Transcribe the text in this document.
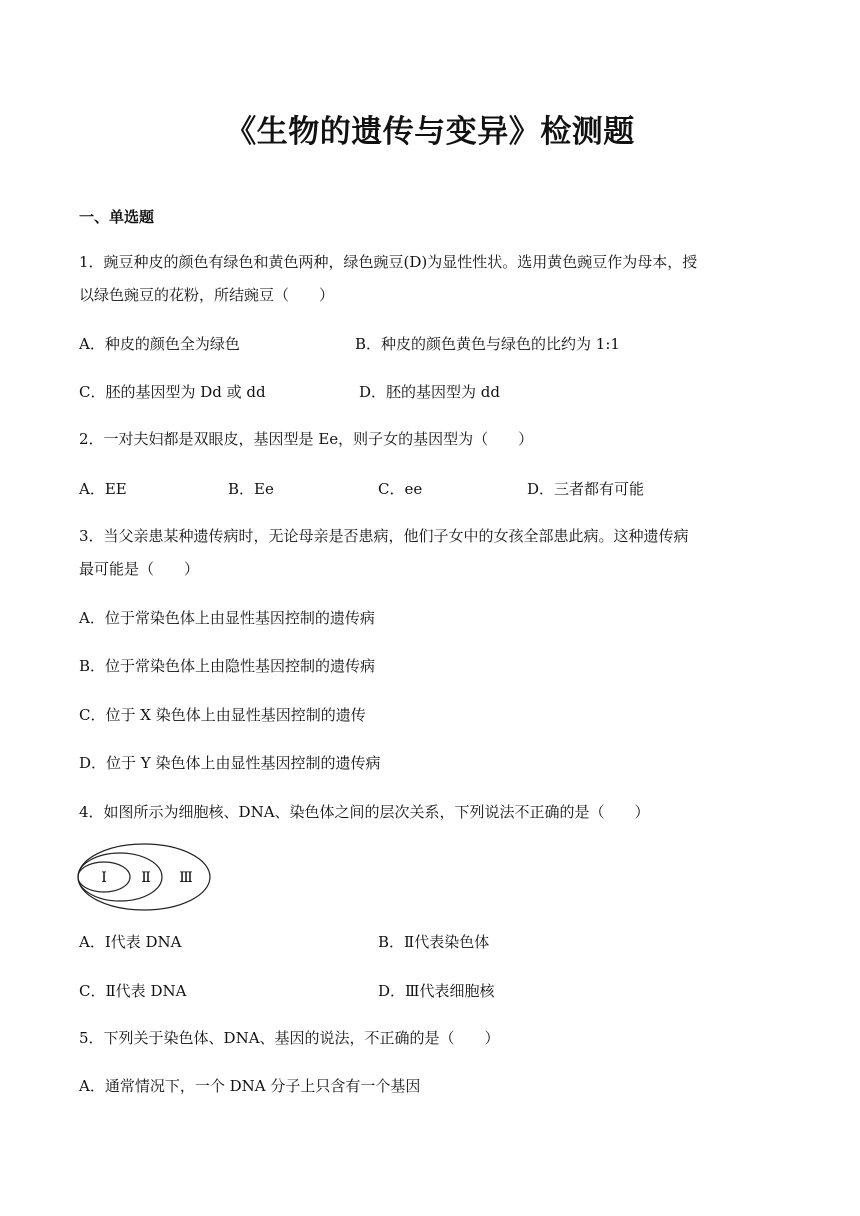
《生物的遗传与变异》检测题
一、单选题
1．豌豆种皮的颜色有绿色和黄色两种，绿色豌豆(D)为显性性状。选用黄色豌豆作为母本，授
以绿色豌豆的花粉，所结豌豆（　　）
A．种皮的颜色全为绿色	B．种皮的颜色黄色与绿色的比约为 1:1
C．胚的基因型为 Dd 或 dd	D．胚的基因型为 dd
2．一对夫妇都是双眼皮，基因型是 Ee，则子女的基因型为（　　）
A．EE	B．Ee	C．ee	D．三者都有可能
3．当父亲患某种遗传病时，无论母亲是否患病，他们子女中的女孩全部患此病。这种遗传病
最可能是（　　）
A．位于常染色体上由显性基因控制的遗传病
B．位于常染色体上由隐性基因控制的遗传病
C．位于 X 染色体上由显性基因控制的遗传
D．位于 Y 染色体上由显性基因控制的遗传病
4．如图所示为细胞核、DNA、染色体之间的层次关系，下列说法不正确的是（　　）
Ⅰ Ⅱ Ⅲ
A．Ⅰ代表 DNA	B．Ⅱ代表染色体
C．Ⅱ代表 DNA	D．Ⅲ代表细胞核
5．下列关于染色体、DNA、基因的说法，不正确的是（　　）
A．通常情况下，一个 DNA 分子上只含有一个基因
